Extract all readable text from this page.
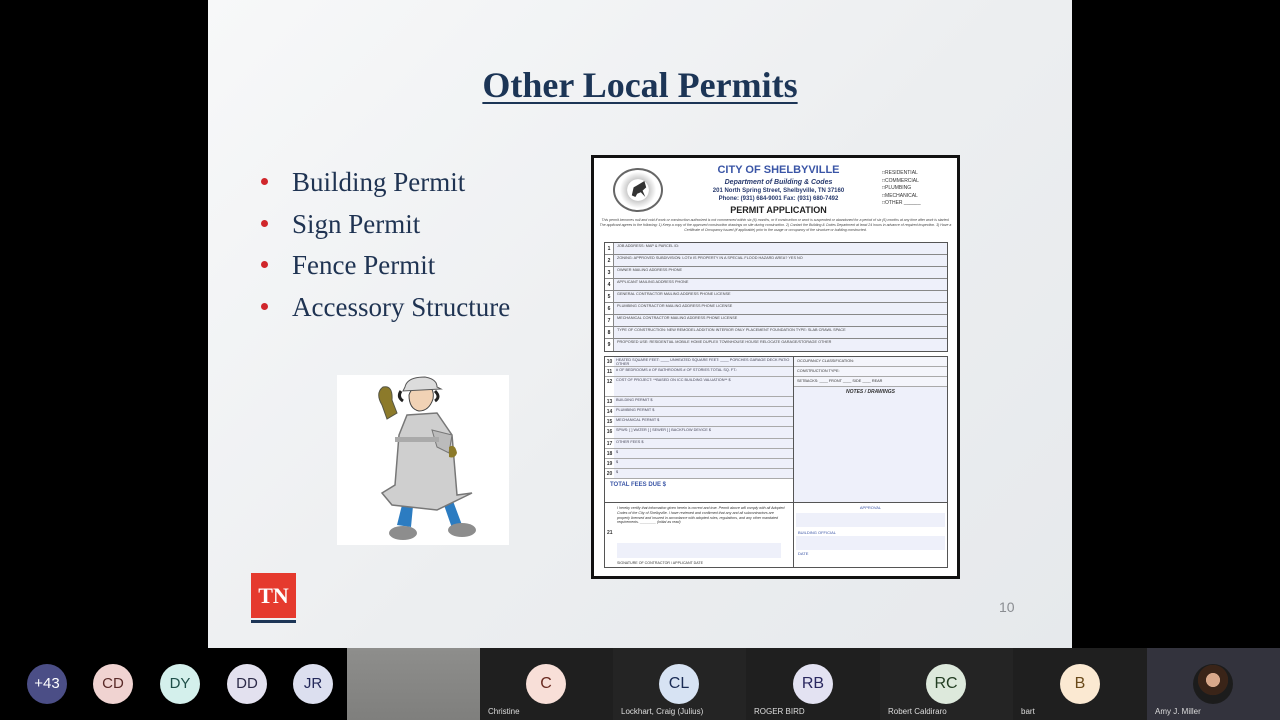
Other Local Permits
Building Permit
Sign Permit
Fence Permit
Accessory Structure
TN	10
CITY OF SHELBYVILLE
Department of Building & Codes
201 North Spring Street, Shelbyville, TN 37160
Phone: (931) 684-9001 Fax: (931) 680-7492
PERMIT APPLICATION
□ RESIDENTIAL
□ COMMERCIAL
□ PLUMBING
□ MECHANICAL
□ OTHER ______
This permit becomes null and void if work or construction authorized is not commenced within six (6) months, or if construction or work is suspended or abandoned for a period of six (6) months at any time after work is started. The applicant agrees to the following: 1) Keep a copy of the approved construction drawings on site during construction. 2) Contact the Building & Codes Department at least 24 hours in advance of required inspection. 3) Have a Certificate of Occupancy issued (if applicable) prior to the usage or occupancy of the structure or building constructed.
1	JOB ADDRESS: MAP & PARCEL ID:
2	ZONING: APPROVED SUBDIVISION: LOT# IS PROPERTY IN A SPECIAL FLOOD HAZARD AREA? YES NO
3	OWNER MAILING ADDRESS PHONE
4	APPLICANT MAILING ADDRESS PHONE
5	GENERAL CONTRACTOR MAILING ADDRESS PHONE LICENSE
6	PLUMBING CONTRACTOR MAILING ADDRESS PHONE LICENSE
7	MECHANICAL CONTRACTOR MAILING ADDRESS PHONE LICENSE
8	TYPE OF CONSTRUCTION: NEW REMODEL ADDITION INTERIOR ONLY PLACEMENT FOUNDATION TYPE: SLAB CRAWL SPACE
9	PROPOSED USE: RESIDENTIAL MOBILE HOME DUPLEX TOWNHOUSE HOUSE RELOCATE GARAGE/STORAGE OTHER
10 HEATED SQUARE FEET: ____ UNHEATED SQUARE FEET: ____ PORCHES GARAGE DECK PATIO OTHER
11	# OF BEDROOMS # OF BATHROOMS # OF STORIES TOTAL SQ. FT.:
12 COST OF PROJECT: **BASED ON ICC BUILDING VALUATION** $
13 BUILDING PERMIT $
14 PLUMBING PERMIT $
15 MECHANICAL PERMIT $
16 SPWS: [ ] WATER [ ] SEWER [ ] BACKFLOW DEVICE $
17 OTHER FEES $
18 $
19 $
20 $
TOTAL FEES DUE $
OCCUPANCY CLASSIFICATION:
CONSTRUCTION TYPE:
SETBACKS: ____ FRONT ____ SIDE ____ REAR
NOTES / DRAWINGS
21
I hereby certify that information given herein is correct and true. Permit above will comply with all Adopted Codes of the City of Shelbyville. I have reviewed and confirmed that any and all subcontractors are properly licensed and insured in accordance with adopted rules, regulations, and any other mandated requirements. ________ (initial as read)
SIGNATURE OF CONTRACTOR / APPLICANT DATE
APPROVAL
BUILDING OFFICIAL
DATE
+43	CD	DY	DD	JR	C
Christine
CL
Lockhart, Craig (Julius)
RB
ROGER BIRD
RC
Robert Caldiraro
B
bart	Amy J. Miller
